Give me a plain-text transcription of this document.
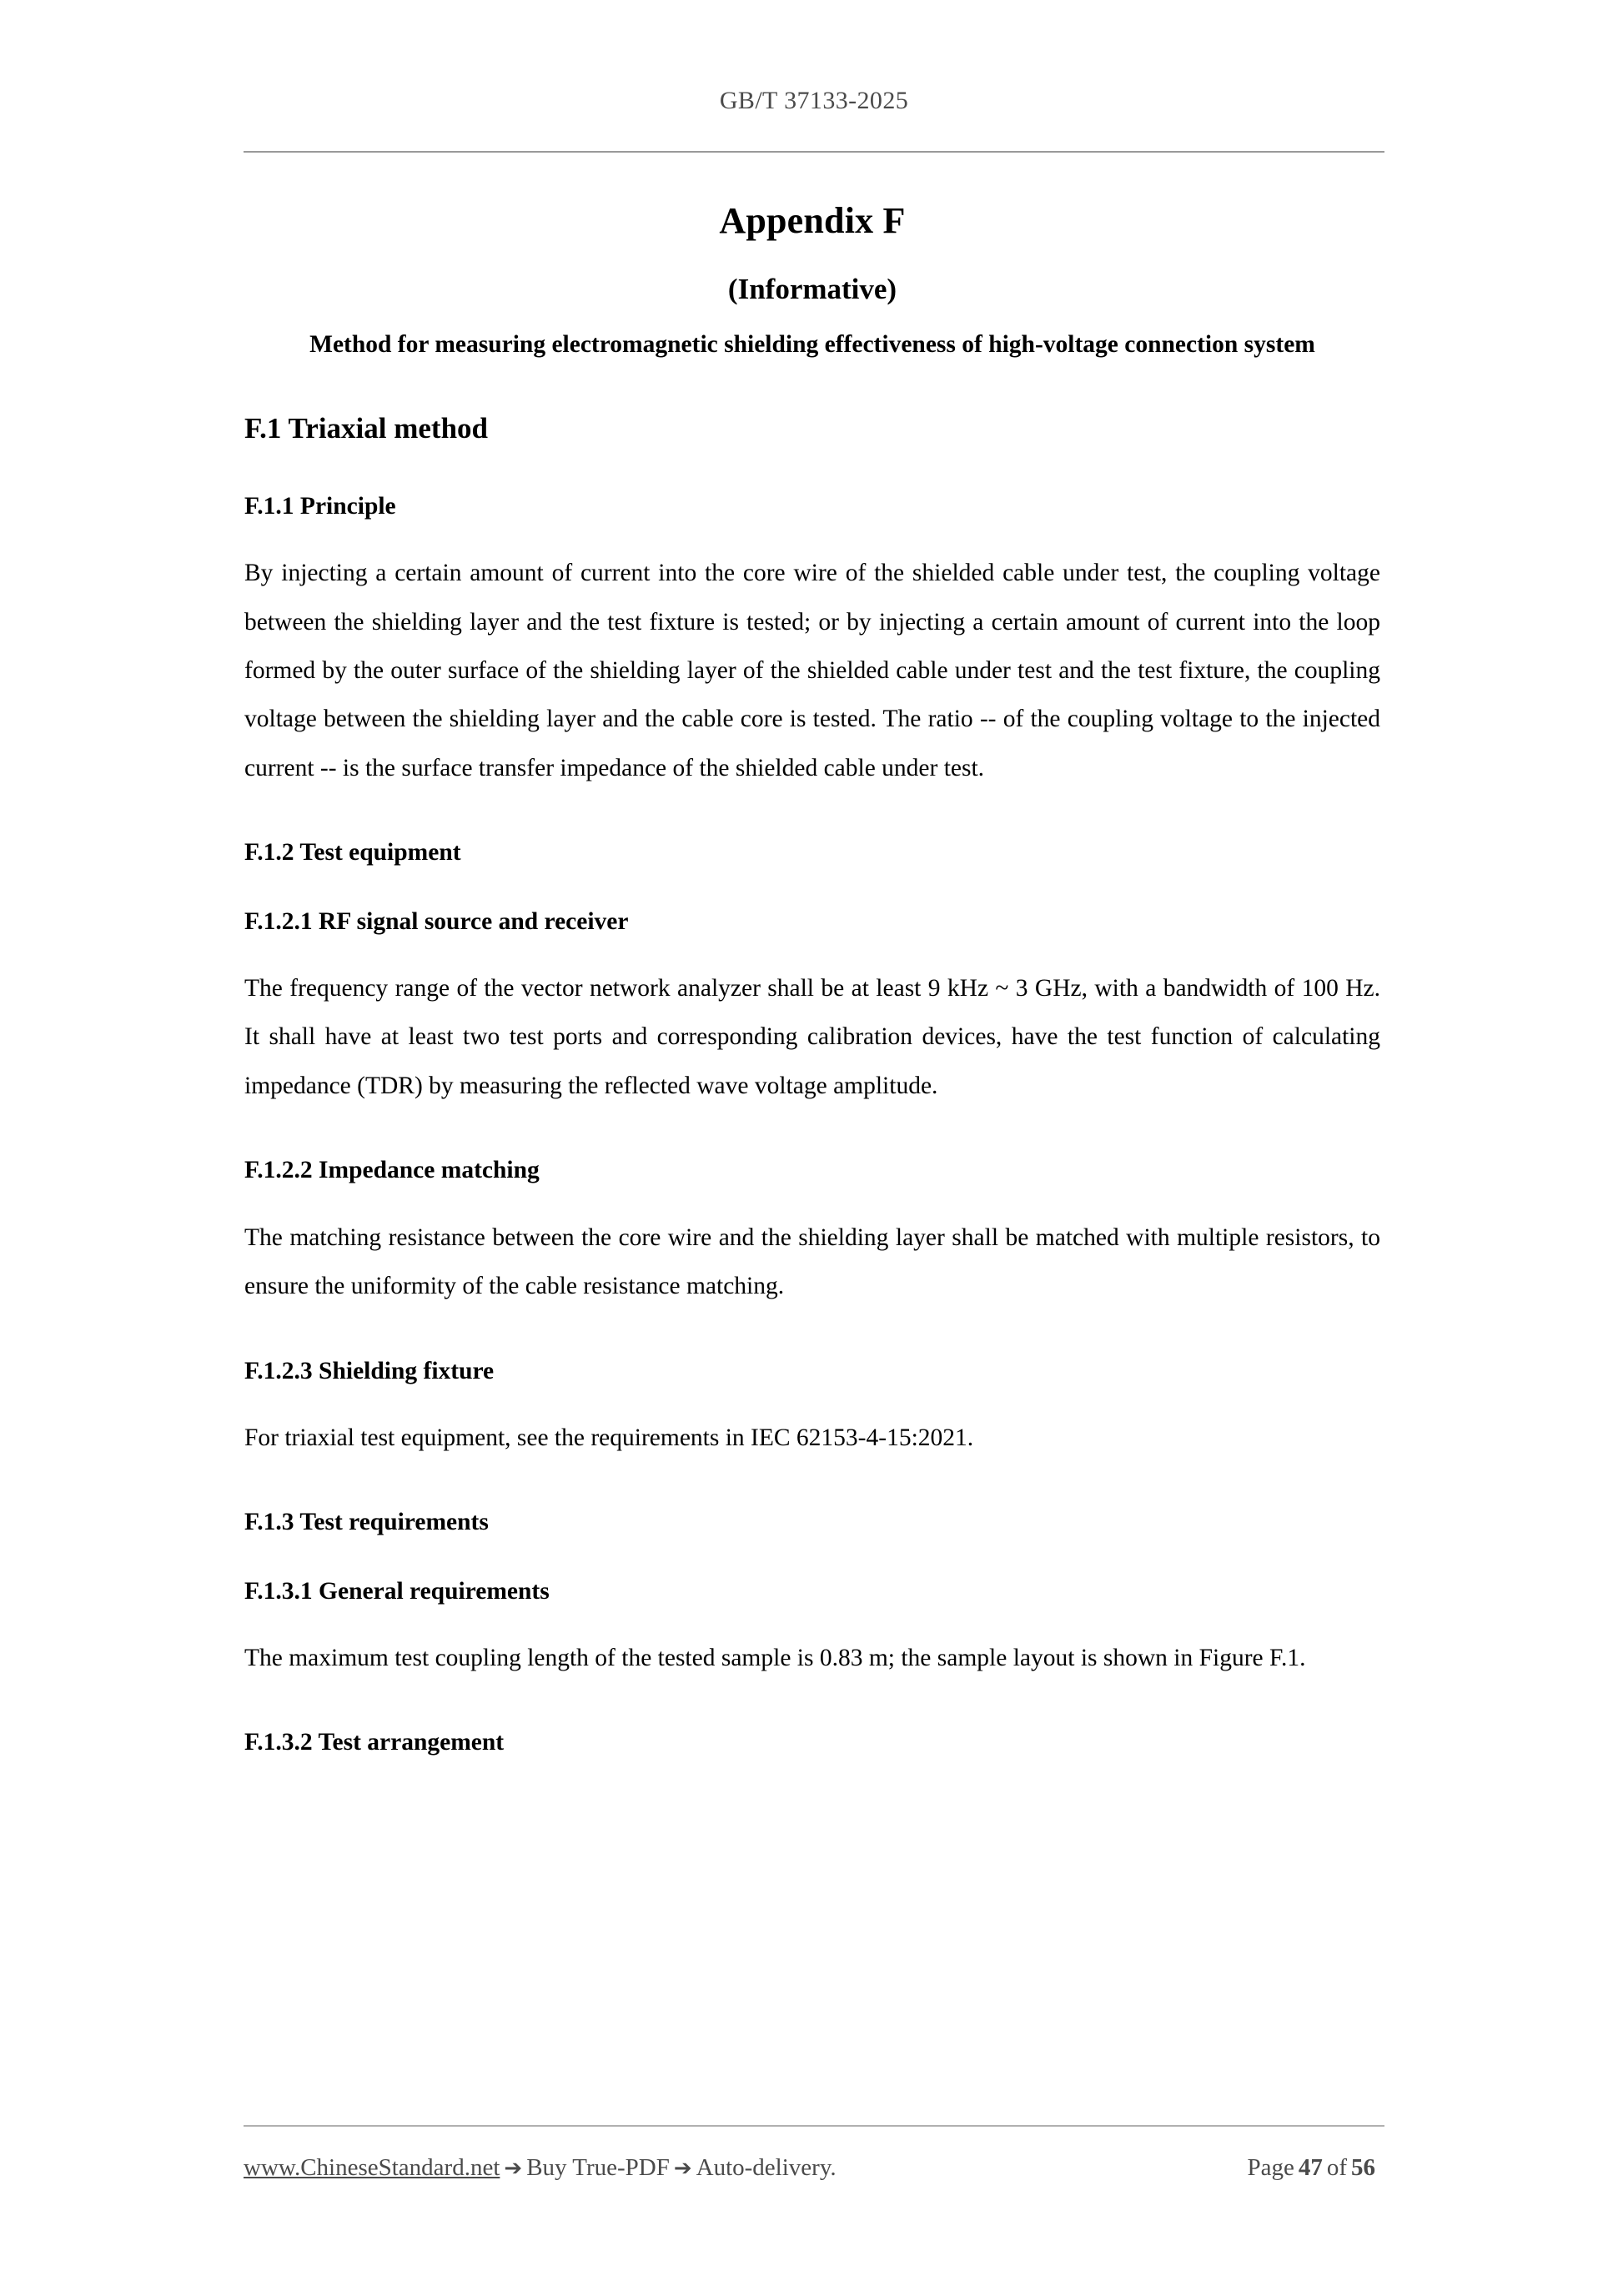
GB/T 37133-2025
Appendix F
(Informative)
Method for measuring electromagnetic shielding effectiveness of high-voltage connection system
F.1 Triaxial method
F.1.1 Principle

By injecting a certain amount of current into the core wire of the shielded cable under test, the coupling voltage between the shielding layer and the test fixture is tested; or by injecting a certain amount of current into the loop formed by the outer surface of the shielding layer of the shielded cable under test and the test fixture, the coupling voltage between the shielding layer and the cable core is tested. The ratio -- of the coupling voltage to the injected current -- is the surface transfer impedance of the shielded cable under test.

F.1.2 Test equipment
F.1.2.1 RF signal source and receiver

The frequency range of the vector network analyzer shall be at least 9 kHz ~ 3 GHz, with a bandwidth of 100 Hz. It shall have at least two test ports and corresponding calibration devices, have the test function of calculating impedance (TDR) by measuring the reflected wave voltage amplitude.

F.1.2.2 Impedance matching

The matching resistance between the core wire and the shielding layer shall be matched with multiple resistors, to ensure the uniformity of the cable resistance matching.

F.1.2.3 Shielding fixture

For triaxial test equipment, see the requirements in IEC 62153-4-15:2021.

F.1.3 Test requirements
F.1.3.1 General requirements

The maximum test coupling length of the tested sample is 0.83 m; the sample layout is shown in Figure F.1.

F.1.3.2 Test arrangement
www.ChineseStandard.net ➔ Buy True-PDF ➔ Auto-delivery.	Page 47 of 56
